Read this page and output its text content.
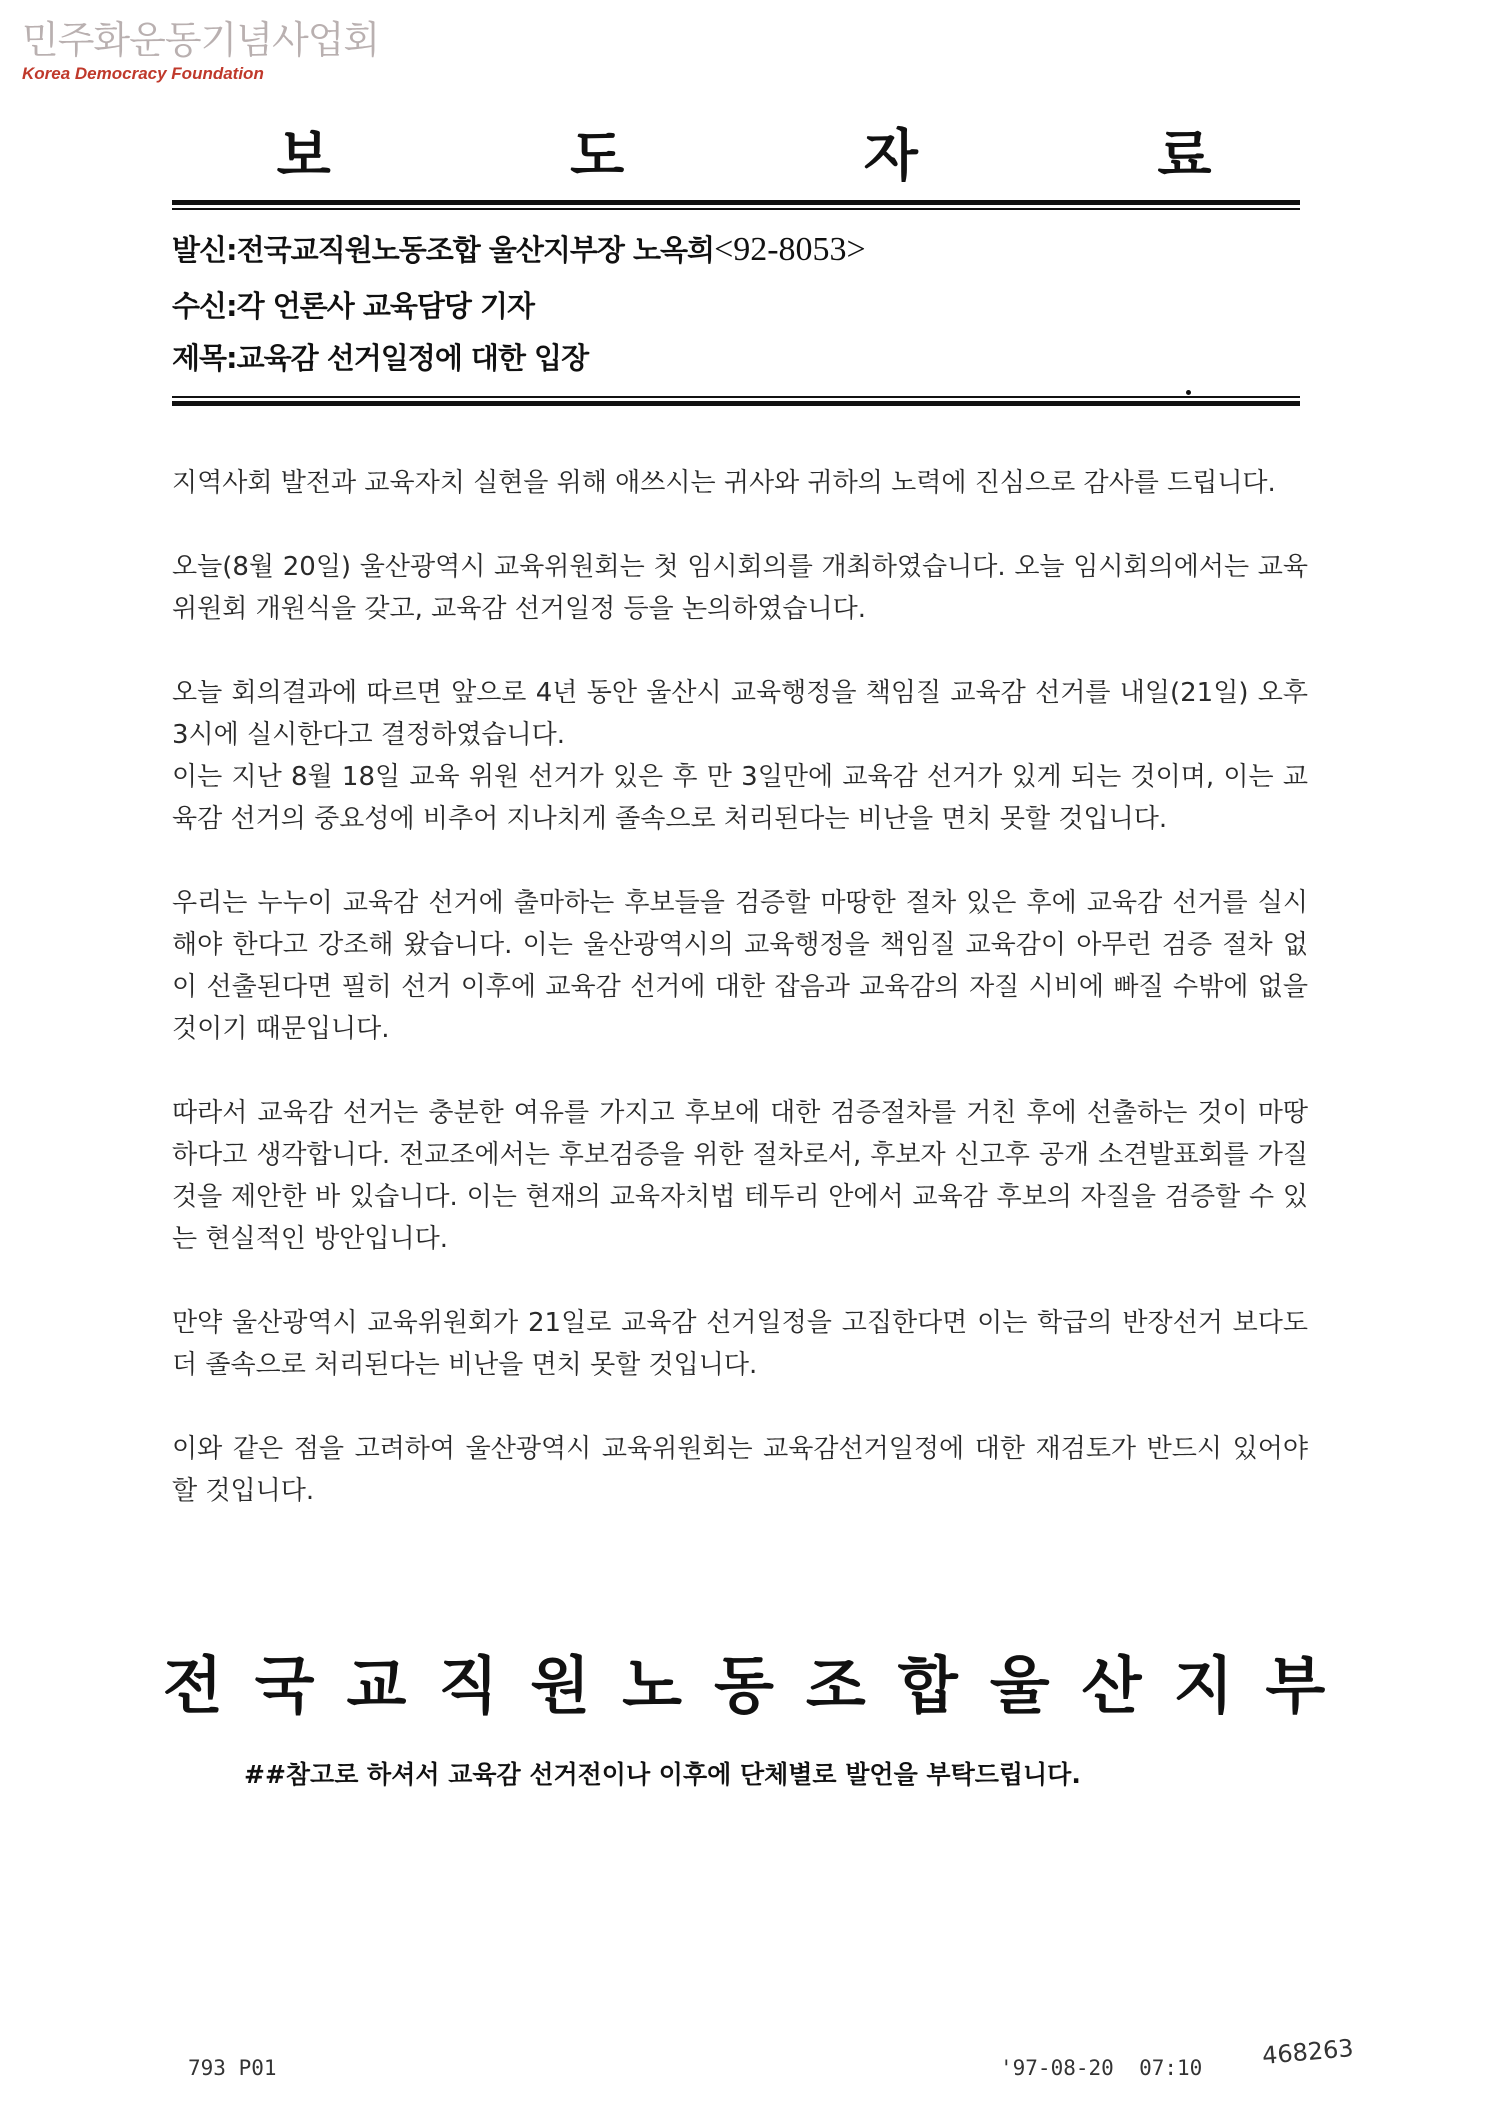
민주화운동기념사업회
Korea Democracy Foundation
보 도 자 료
발신:전국교직원노동조합 울산지부장 노옥희<92-8053>
수신:각 언론사 교육담당 기자
제목:교육감 선거일정에 대한 입장

지역사회 발전과 교육자치 실현을 위해 애쓰시는 귀사와 귀하의 노력에 진심으로 감사를 드립니다.

오늘(8월 20일) 울산광역시 교육위원회는 첫 임시회의를 개최하였습니다. 오늘 임시회의에서는 교육위원회 개원식을 갖고, 교육감 선거일정 등을 논의하였습니다.

오늘 회의결과에 따르면 앞으로 4년 동안 울산시 교육행정을 책임질 교육감 선거를 내일(21일) 오후 3시에 실시한다고 결정하였습니다.

이는 지난 8월 18일 교육 위원 선거가 있은 후 만 3일만에 교육감 선거가 있게 되는 것이며, 이는 교육감 선거의 중요성에 비추어 지나치게 졸속으로 처리된다는 비난을 면치 못할 것입니다.

우리는 누누이 교육감 선거에 출마하는 후보들을 검증할 마땅한 절차 있은 후에 교육감 선거를 실시해야 한다고 강조해 왔습니다. 이는 울산광역시의 교육행정을 책임질 교육감이 아무런 검증 절차 없이 선출된다면 필히 선거 이후에 교육감 선거에 대한 잡음과 교육감의 자질 시비에 빠질 수밖에 없을 것이기 때문입니다.

따라서 교육감 선거는 충분한 여유를 가지고 후보에 대한 검증절차를 거친 후에 선출하는 것이 마땅하다고 생각합니다. 전교조에서는 후보검증을 위한 절차로서, 후보자 신고후 공개 소견발표회를 가질 것을 제안한 바 있습니다. 이는 현재의 교육자치법 테두리 안에서 교육감 후보의 자질을 검증할 수 있는 현실적인 방안입니다.

만약 울산광역시 교육위원회가 21일로 교육감 선거일정을 고집한다면 이는 학급의 반장선거 보다도 더 졸속으로 처리된다는 비난을 면치 못할 것입니다.

이와 같은 점을 고려하여 울산광역시 교육위원회는 교육감선거일정에 대한 재검토가 반드시 있어야 할 것입니다.

전국교직원노동조합울산지부
##참고로 하셔서 교육감 선거전이나 이후에 단체별로 발언을 부탁드립니다.
793 P01	'97-08-20  07:10 468263
